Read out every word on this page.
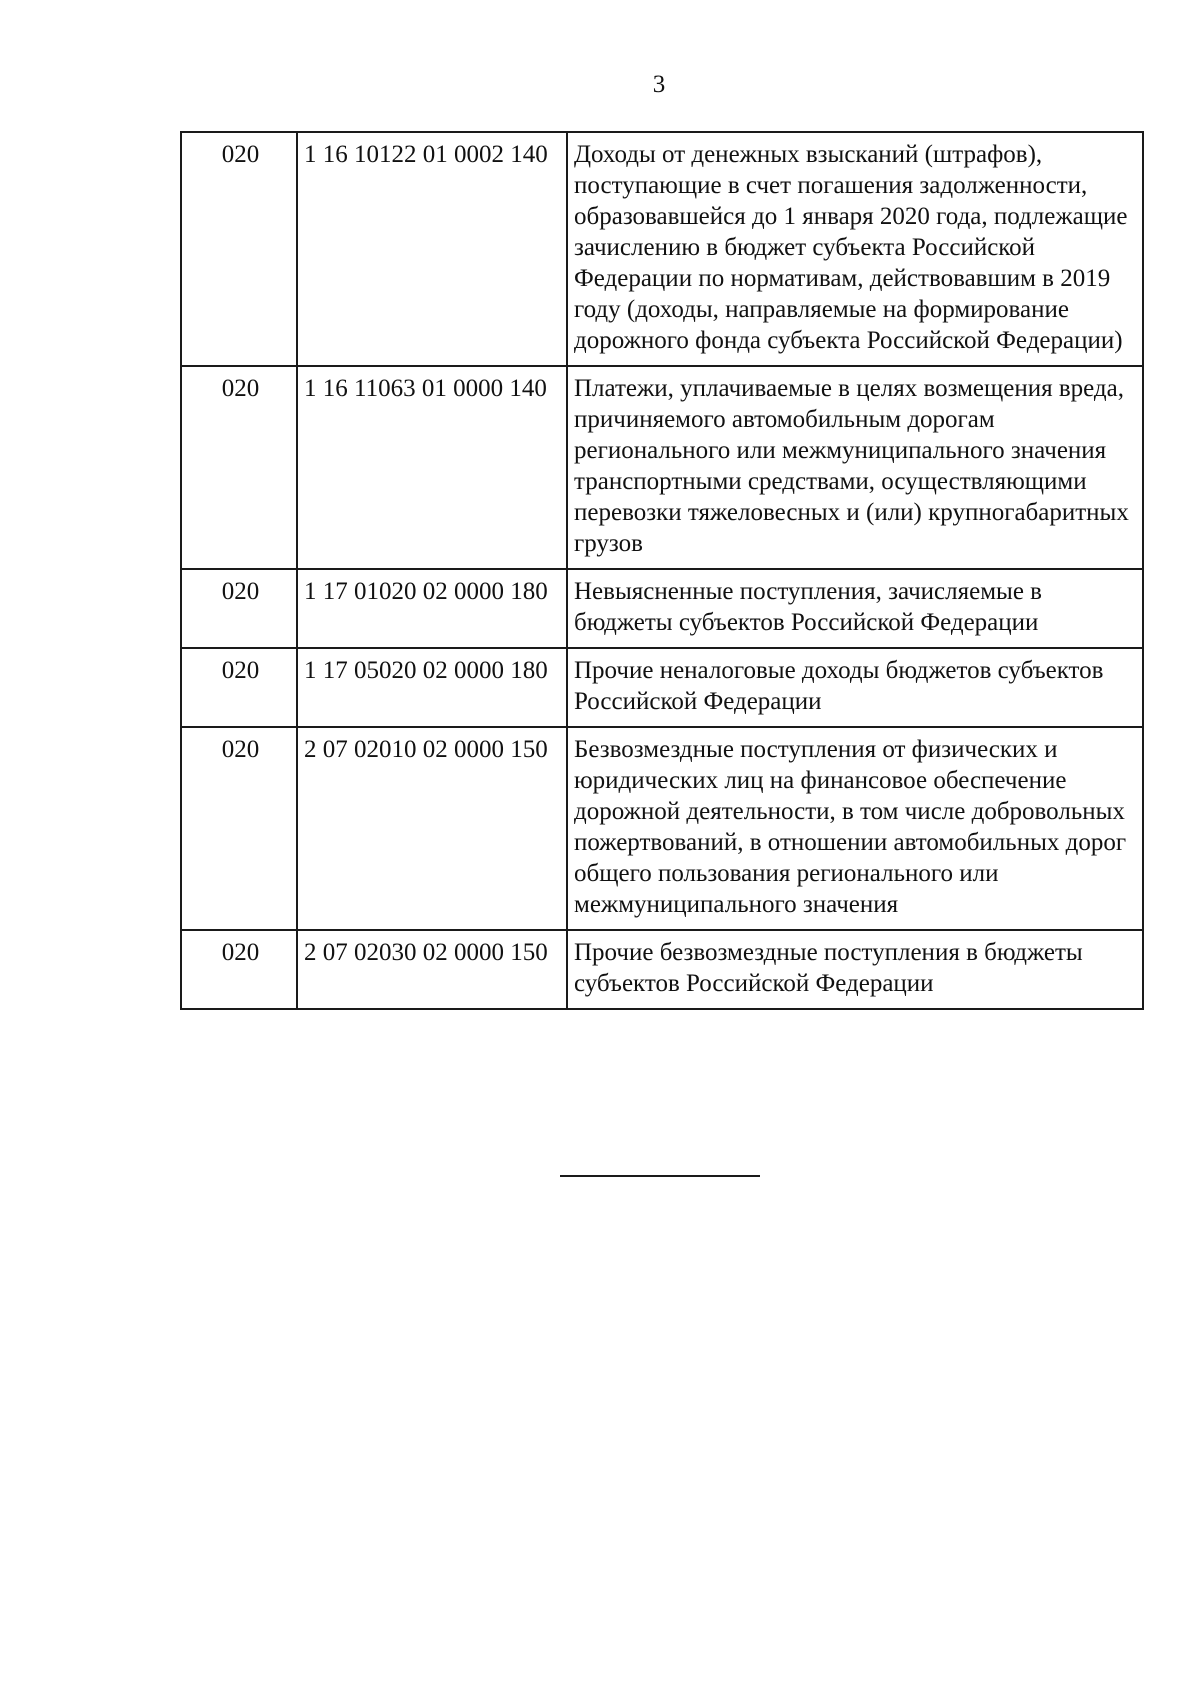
3
020	1 16 10122 01 0002 140	Доходы от денежных взысканий (штрафов), поступающие в счет погашения задолженности, образовавшейся до 1 января 2020 года, подлежащие зачислению в бюджет субъекта Российской Федерации по нормативам, действовавшим в 2019 году (доходы, направляемые на формирование дорожного фонда субъекта Российской Федерации)
020	1 16 11063 01 0000 140	Платежи, уплачиваемые в целях возмещения вреда, причиняемого автомобильным дорогам регионального или межмуниципального значения транспортными средствами, осуществляющими перевозки тяжеловесных и (или) крупногабаритных грузов
020	1 17 01020 02 0000 180	Невыясненные поступления, зачисляемые в бюджеты субъектов Российской Федерации
020	1 17 05020 02 0000 180	Прочие неналоговые доходы бюджетов субъектов Российской Федерации
020	2 07 02010 02 0000 150	Безвозмездные поступления от физических и юридических лиц на финансовое обеспечение дорожной деятельности, в том числе добровольных пожертвований, в отношении автомобильных дорог общего пользования регионального или межмуниципального значения
020	2 07 02030 02 0000 150	Прочие безвозмездные поступления в бюджеты субъектов Российской Федерации
